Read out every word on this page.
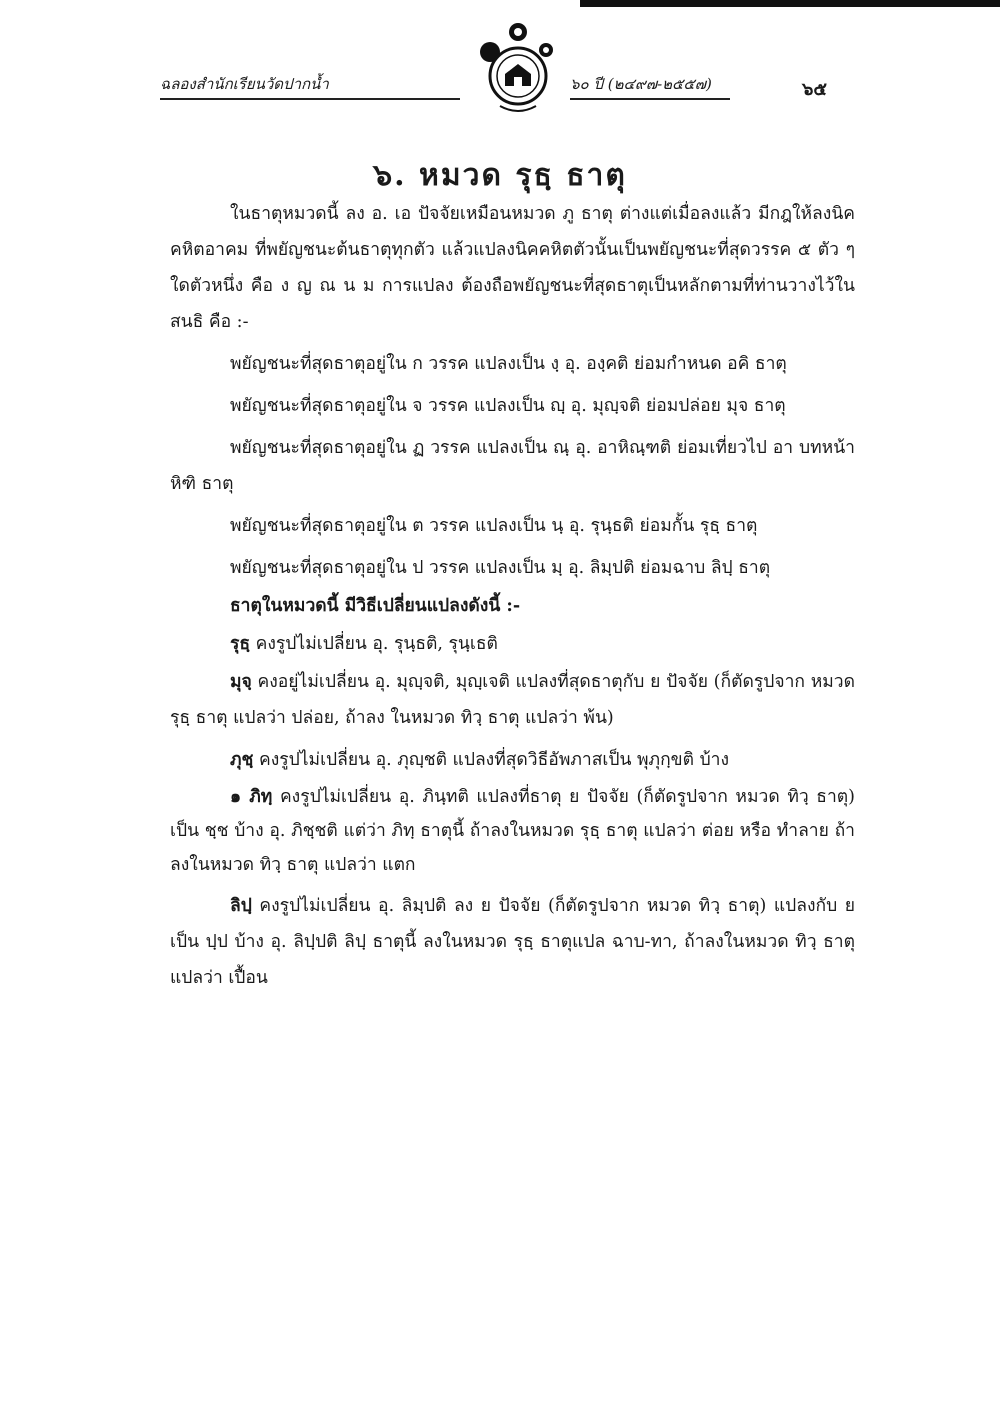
ฉลองสำนักเรียนวัดปากน้ำ	๖๐ ปี (๒๔๙๗-๒๕๕๗)	๖๕
๖. หมวด รุธฺ ธาตุ

ในธาตุหมวดนี้ ลง อ. เอ ปัจจัยเหมือนหมวด ภู ธาตุ ต่างแต่เมื่อลงแล้ว มีกฎให้ลงนิคคหิตอาคม ที่พยัญชนะต้นธาตุทุกตัว แล้วแปลงนิคคหิตตัวนั้นเป็นพยัญชนะที่สุดวรรค ๕ ตัว ๆ ใดตัวหนึ่ง คือ ง ญ ณ น ม การแปลง ต้องถือพยัญชนะที่สุดธาตุเป็นหลักตามที่ท่านวางไว้ในสนธิ คือ :-

พยัญชนะที่สุดธาตุอยู่ใน ก วรรค แปลงเป็น งฺ อุ. องฺคติ ย่อมกำหนด อคิ ธาตุ

พยัญชนะที่สุดธาตุอยู่ใน จ วรรค แปลงเป็น ญฺ อุ. มุญฺจติ ย่อมปล่อย มุจ ธาตุ

พยัญชนะที่สุดธาตุอยู่ใน ฏ วรรค แปลงเป็น ณฺ อุ. อาหิณฺฑติ ย่อมเที่ยวไป อา บทหน้า หิฑิ ธาตุ

พยัญชนะที่สุดธาตุอยู่ใน ต วรรค แปลงเป็น นฺ อุ. รุนฺธติ ย่อมกั้น รุธฺ ธาตุ

พยัญชนะที่สุดธาตุอยู่ใน ป วรรค แปลงเป็น มฺ อุ. ลิมฺปติ ย่อมฉาบ ลิปฺ ธาตุ

ธาตุในหมวดนี้ มีวิธีเปลี่ยนแปลงดังนี้ :-

รุธฺ คงรูปไม่เปลี่ยน อุ. รุนฺธติ, รุนฺเธติ

มุจฺ คงอยู่ไม่เปลี่ยน อุ. มุญฺจติ, มุญฺเจติ แปลงที่สุดธาตุกับ ย ปัจจัย (ก็ตัดรูปจาก หมวด รุธฺ ธาตุ แปลว่า ปล่อย, ถ้าลง ในหมวด ทิวฺ ธาตุ แปลว่า พ้น)

ภุชฺ คงรูปไม่เปลี่ยน อุ. ภุญฺชติ แปลงที่สุดวิธีอัพภาสเป็น พุภุกฺขติ บ้าง

๑ ภิทฺ คงรูปไม่เปลี่ยน อุ. ภินฺทติ แปลงที่ธาตุ ย ปัจจัย (ก็ตัดรูปจาก หมวด ทิวฺ ธาตุ) เป็น ชฺช บ้าง อุ. ภิชฺชติ แต่ว่า ภิทฺ ธาตุนี้ ถ้าลงในหมวด รุธฺ ธาตุ แปลว่า ต่อย หรือ ทำลาย ถ้าลงในหมวด ทิวฺ ธาตุ แปลว่า แตก

ลิปฺ คงรูปไม่เปลี่ยน อุ. ลิมฺปติ ลง ย ปัจจัย (ก็ตัดรูปจาก หมวด ทิวฺ ธาตุ) แปลงกับ ย เป็น ปฺป บ้าง อุ. ลิปฺปติ ลิปฺ ธาตุนี้ ลงในหมวด รุธฺ ธาตุแปล ฉาบ-ทา, ถ้าลงในหมวด ทิวฺ ธาตุ แปลว่า เปื้อน
